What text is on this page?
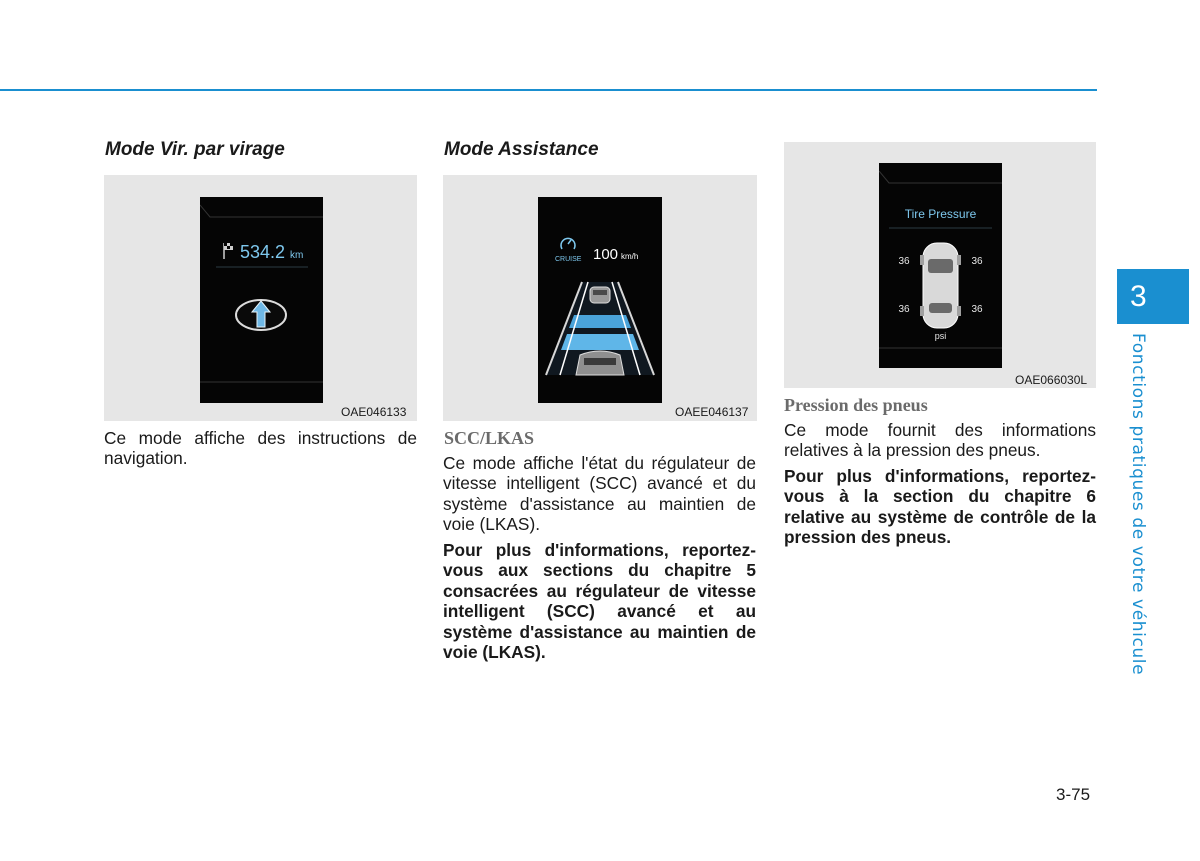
3
Fonctions pratiques de votre véhicule
Mode Vir. par virage
534.2 km
OAE046133
Ce mode affiche des instructions de navigation.
Mode Assistance
CRUISE 100 km/h
OAEE046137
SCC/LKAS
Ce mode affiche l'état du régulateur de vitesse intelligent (SCC) avancé et du système d'assistance au maintien de voie (LKAS).
Pour plus d'informations, reportez-vous aux sections du chapitre 5 consacrées au régulateur de vitesse intelligent (SCC) avancé et au système d'assistance au maintien de voie (LKAS).
Tire Pressure
36	36
36	36
psi
OAE066030L
Pression des pneus
Ce mode fournit des informations relatives à la pression des pneus.
Pour plus d'informations, reportez-vous à la section du chapitre 6 relative au système de contrôle de la pression des pneus.
3-75
